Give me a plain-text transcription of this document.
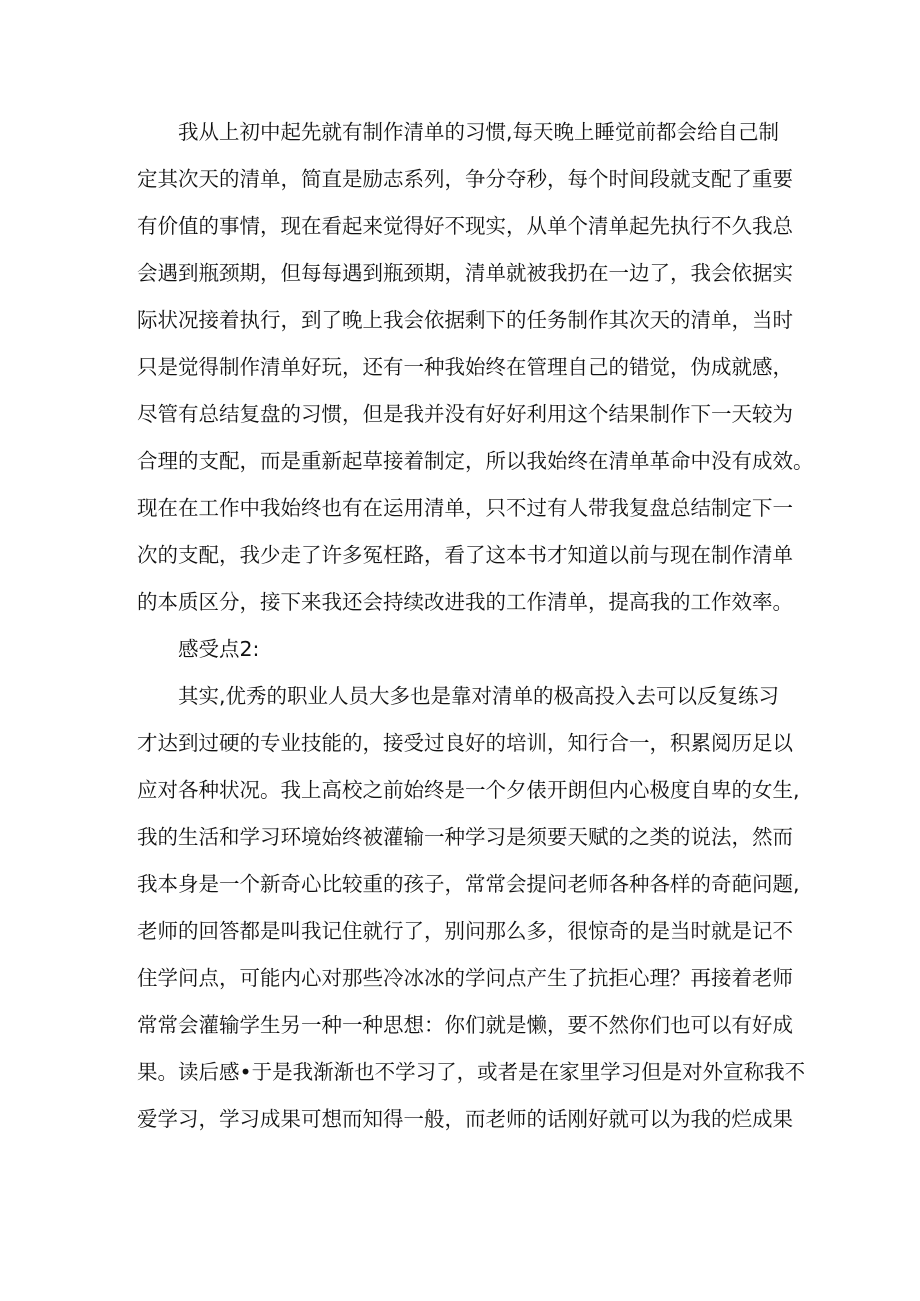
我从上初中起先就有制作清单的习惯,每天晚上睡觉前都会给自己制
定其次天的清单，简直是励志系列，争分夺秒，每个时间段就支配了重要
有价值的事情，现在看起来觉得好不现实，从单个清单起先执行不久我总
会遇到瓶颈期，但每每遇到瓶颈期，清单就被我扔在一边了，我会依据实
际状况接着执行，到了晚上我会依据剩下的任务制作其次天的清单，当时
只是觉得制作清单好玩，还有一种我始终在管理自己的错觉，伪成就感，
尽管有总结复盘的习惯，但是我并没有好好利用这个结果制作下一天较为
合理的支配，而是重新起草接着制定，所以我始终在清单革命中没有成效。
现在在工作中我始终也有在运用清单，只不过有人带我复盘总结制定下一
次的支配，我少走了许多冤枉路，看了这本书才知道以前与现在制作清单
的本质区分，接下来我还会持续改进我的工作清单，提高我的工作效率。
感受点2:
其实,优秀的职业人员大多也是靠对清单的极高投入去可以反复练习
才达到过硬的专业技能的，接受过良好的培训，知行合一，积累阅历足以
应对各种状况。我上高校之前始终是一个夕俵开朗但内心极度自卑的女生,
我的生活和学习环境始终被灌输一种学习是须要天赋的之类的说法，然而
我本身是一个新奇心比较重的孩子，常常会提问老师各种各样的奇葩问题,
老师的回答都是叫我记住就行了，别问那么多，很惊奇的是当时就是记不
住学问点，可能内心对那些冷冰冰的学问点产生了抗拒心理？再接着老师
常常会灌输学生另一种一种思想：你们就是懒，要不然你们也可以有好成
果。读后感•于是我渐渐也不学习了，或者是在家里学习但是对外宣称我不
爱学习，学习成果可想而知得一般，而老师的话刚好就可以为我的烂成果
